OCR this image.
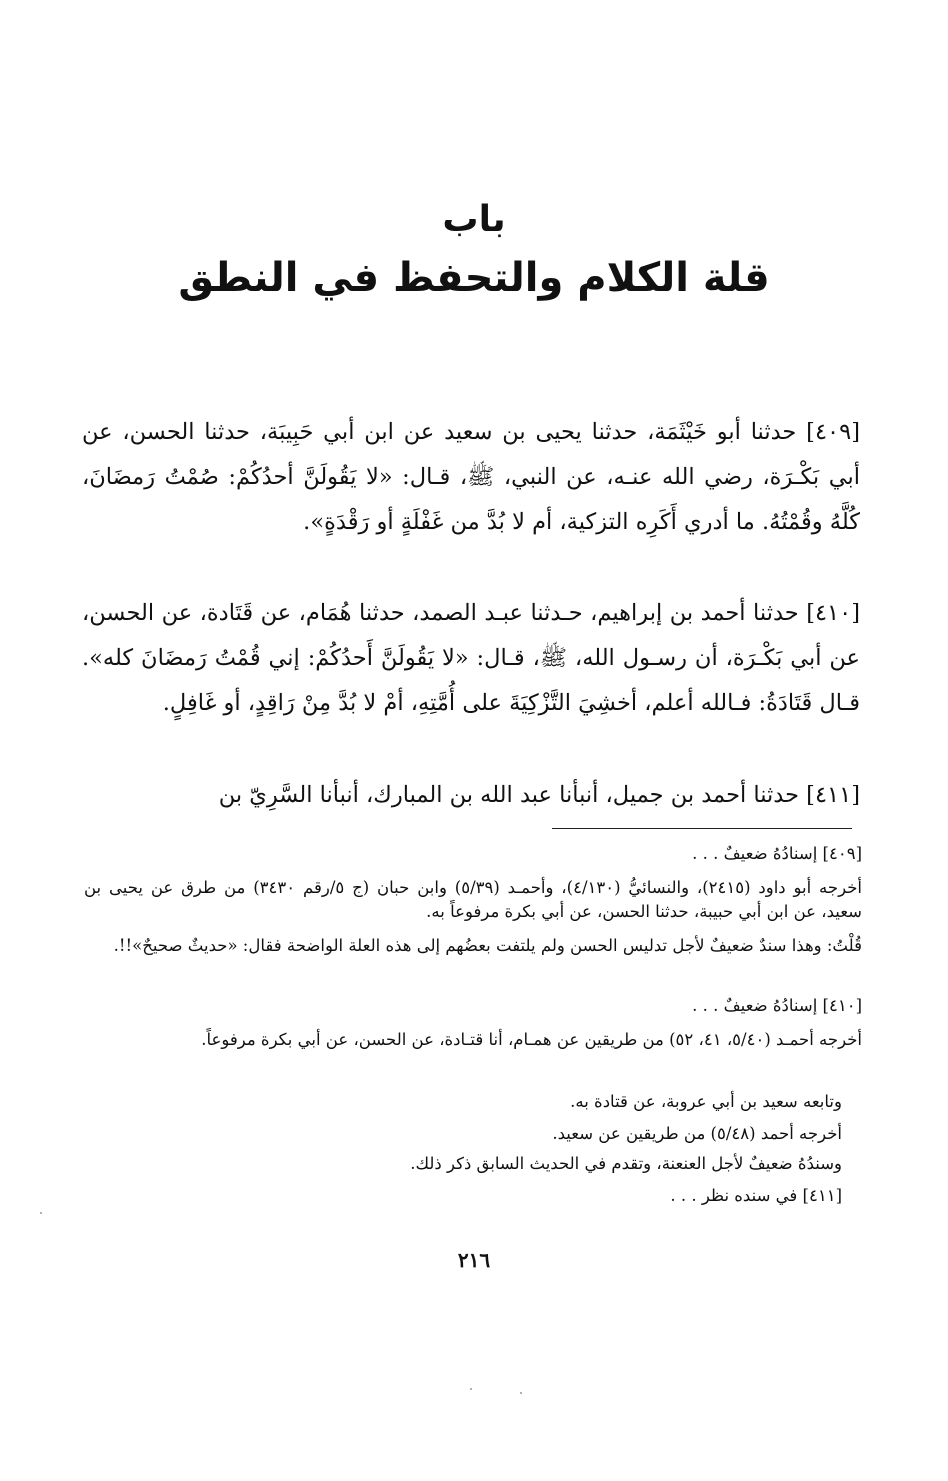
باب
قلة الكلام والتحفظ في النطق
[٤٠٩] حدثنا أبو خَيْثَمَة، حدثنا يحيى بن سعيد عن ابن أبي حَبِيبَة، حدثنا الحسن، عن أبي بَكْـرَة، رضي الله عنـه، عن النبي، ﷺ، قـال: «لا يَقُولَنَّ أحدُكُمْ: صُمْتُ رَمضَانَ، كُلَّهُ وقُمْتُهُ. ما أدري أَكَرِه التزكية، أم لا بُدَّ من غَفْلَةٍ أو رَقْدَةٍ».
[٤١٠] حدثنا أحمد بن إبراهيم، حـدثنا عبـد الصمد، حدثنا هُمَام، عن قَتَادة، عن الحسن، عن أبي بَكْـرَة، أن رسـول الله، ﷺ، قـال: «لا يَقُولَنَّ أَحدُكُمْ: إني قُمْتُ رَمضَانَ كله». قـال قَتَادَةُ: فـالله أعلم، أخشِيَ التَّزْكِيَةَ على أُمَّتِهِ، أمْ لا بُدَّ مِنْ رَاقِدٍ، أو غَافِلٍ.
[٤١١] حدثنا أحمد بن جميل، أنبأنا عبد الله بن المبارك، أنبأنا السَّرِيّ بن
[٤٠٩] إسنادُهُ ضعيفٌ . . .
أخرجه أبو داود (٢٤١٥)، والنسائيُّ (٤/١٣٠)، وأحمـد (٥/٣٩) وابن حبان (ج ٥/رقم ٣٤٣٠) من طرق عن يحيى بن سعيد، عن ابن أبي حبيبة، حدثنا الحسن، عن أبي بكرة مرفوعاً به.
قُلْتُ: وهذا سندٌ ضعيفٌ لأجل تدليس الحسن ولم يلتفت بعضُهم إلى هذه العلة الواضحة فقال: «حديثٌ صحيحٌ»!!.
[٤١٠] إسنادُهُ ضعيفٌ . . .
أخرجه أحمـد (٥/٤٠، ٤١، ٥٢) من طريقين عن همـام، أنا قتـادة، عن الحسن، عن أبي بكرة مرفوعاً.
وتابعه سعيد بن أبي عروبة، عن قتادة به.
أخرجه أحمد (٥/٤٨) من طريقين عن سعيد.
وسندُهُ ضعيفٌ لأجل العنعنة، وتقدم في الحديث السابق ذكر ذلك.
[٤١١] في سنده نظر . . .
٢١٦
